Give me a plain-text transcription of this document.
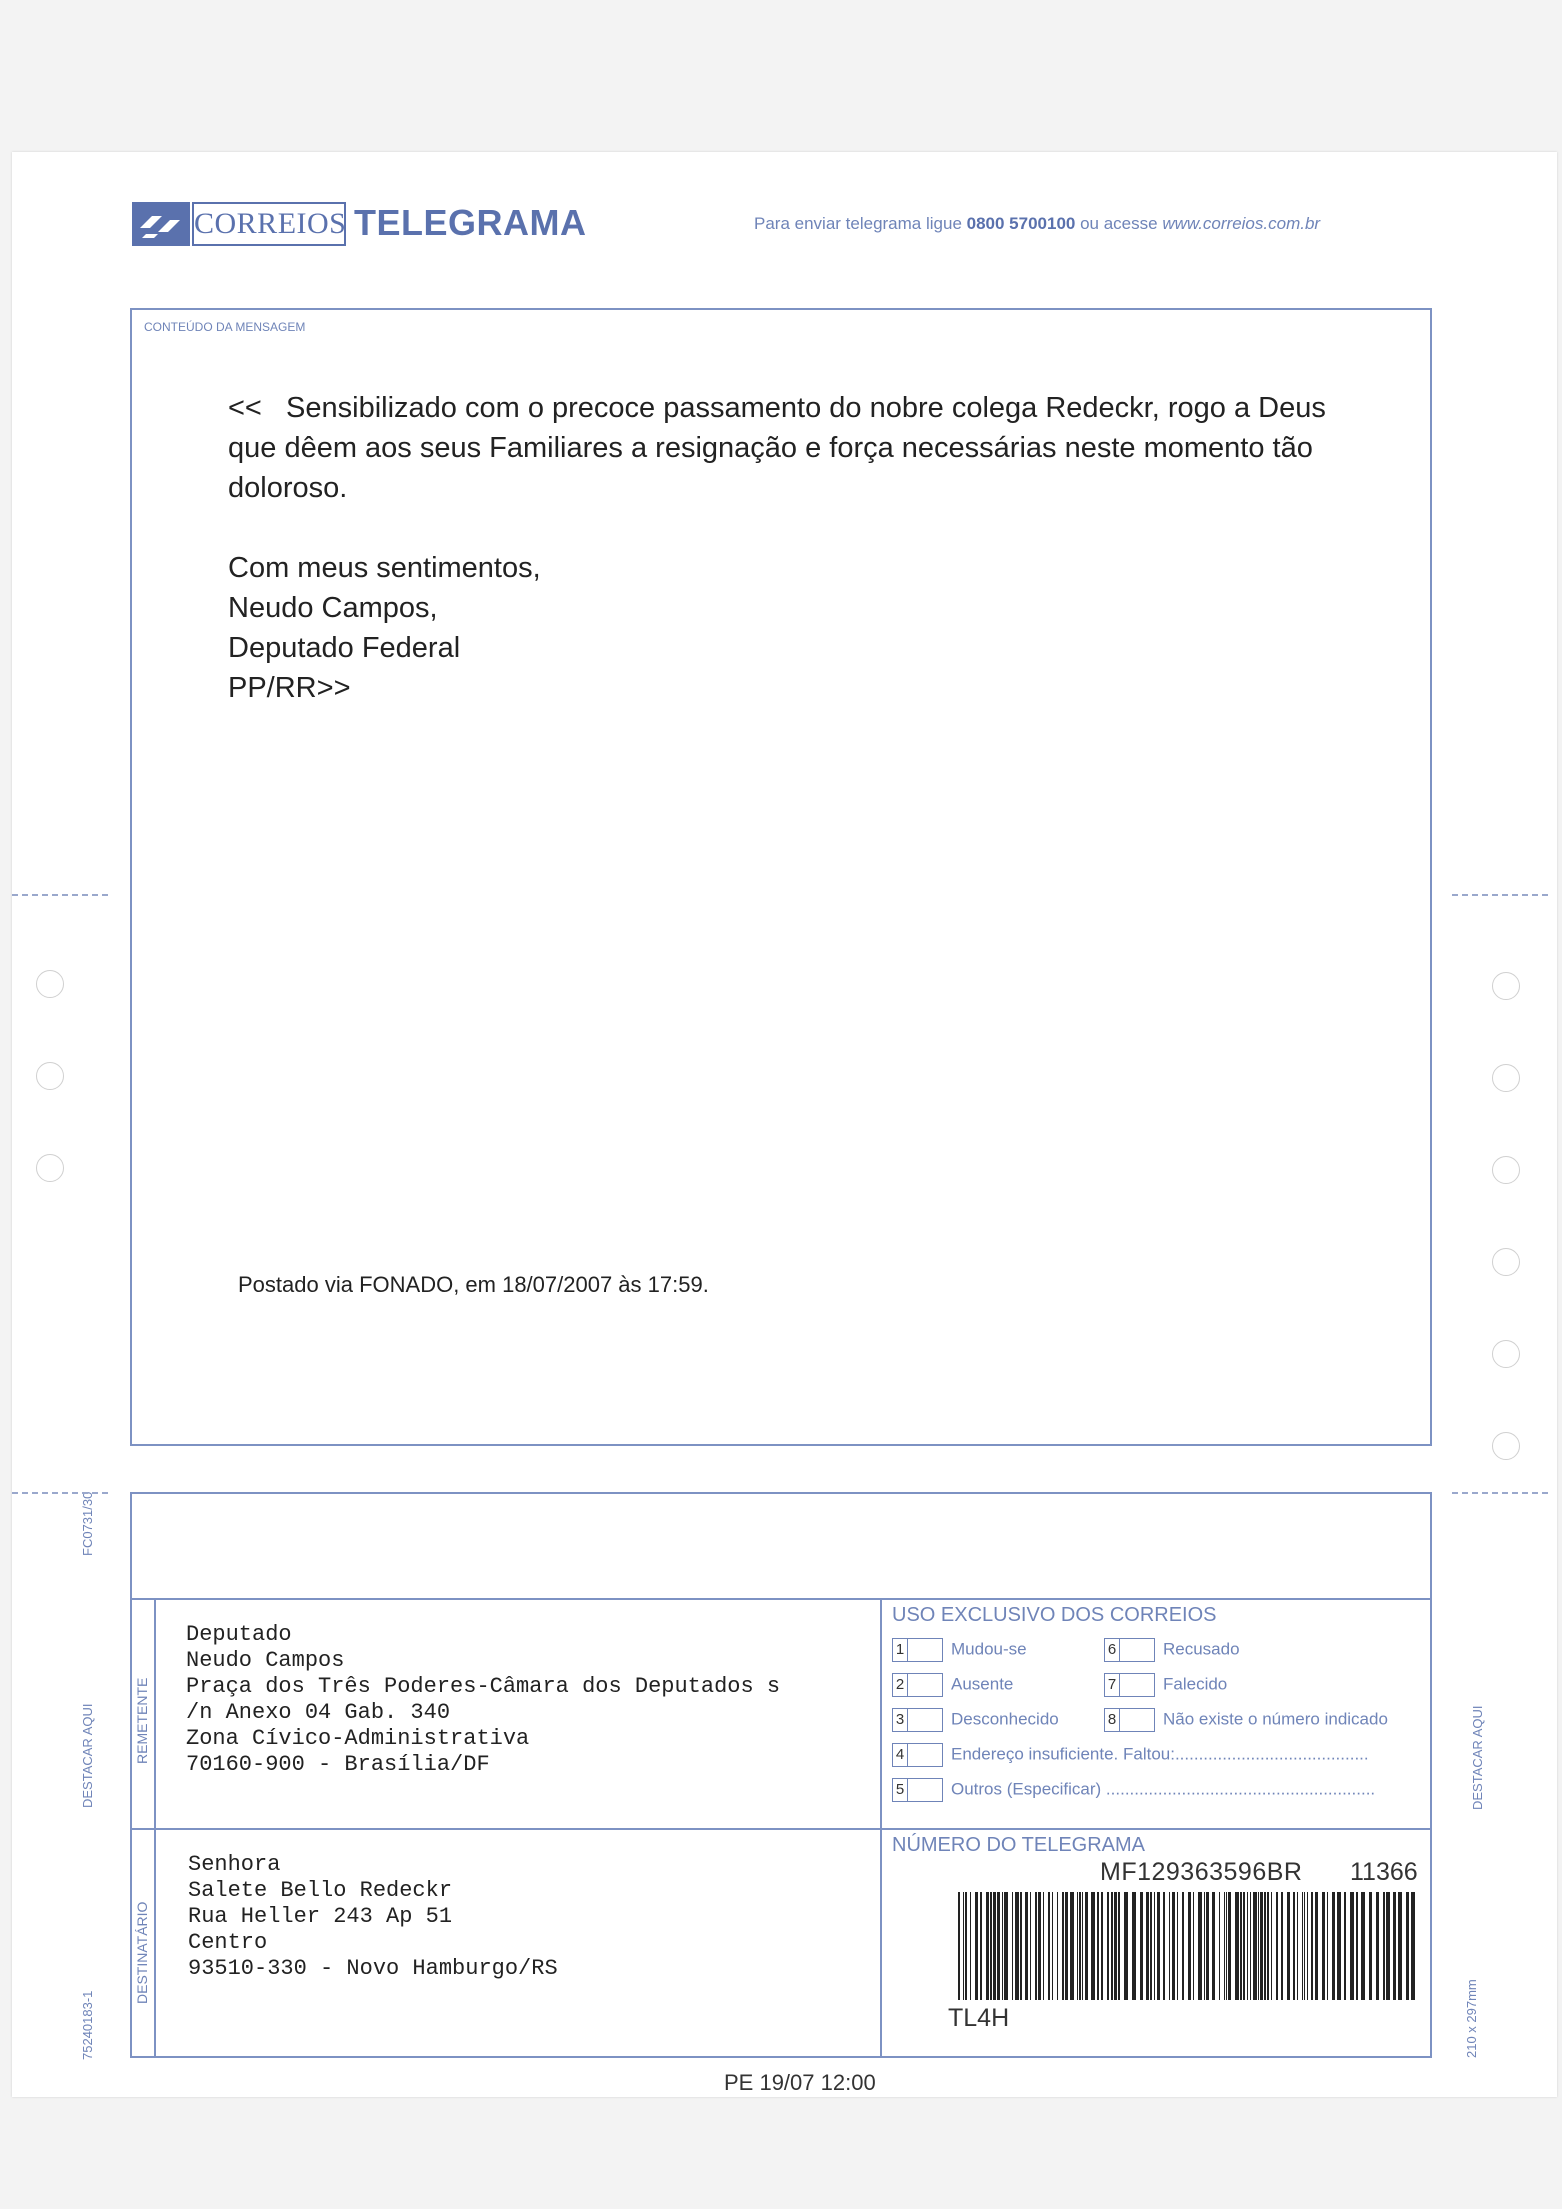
CORREIOS TELEGRAMA	Para enviar telegrama ligue 0800 5700100 ou acesse www.correios.com.br
CONTEÚDO DA MENSAGEM

<<   Sensibilizado com o precoce passamento do nobre colega Redeckr, rogo a Deus que dêem aos seus Familiares a resignação e força necessárias neste momento tão doloroso.

Com meus sentimentos,

Neudo Campos,

Deputado Federal

PP/RR>>

Postado via FONADO, em 18/07/2007 às 17:59.
REMETENTE
DESTINATÁRIO
Deputado
Neudo Campos
Praça dos Três Poderes-Câmara dos Deputados s
/n Anexo 04 Gab. 340
Zona Cívico-Administrativa
70160-900 - Brasília/DF
Senhora
Salete Bello Redeckr
Rua Heller 243 Ap 51
Centro
93510-330 - Novo Hamburgo/RS
USO EXCLUSIVO DOS CORREIOS
1	Mudou-se	6	Recusado
2	Ausente	7	Falecido
3	Desconhecido	8	Não existe o número indicado
4	Endereço insuficiente. Faltou:.........................................
5	Outros (Especificar) .........................................................
NÚMERO DO TELEGRAMA
MF129363596BR 11366
TL4H
FC0731/30
DESTACAR AQUI
75240183-1
DESTACAR AQUI
210 x 297mm
PE 19/07 12:00
